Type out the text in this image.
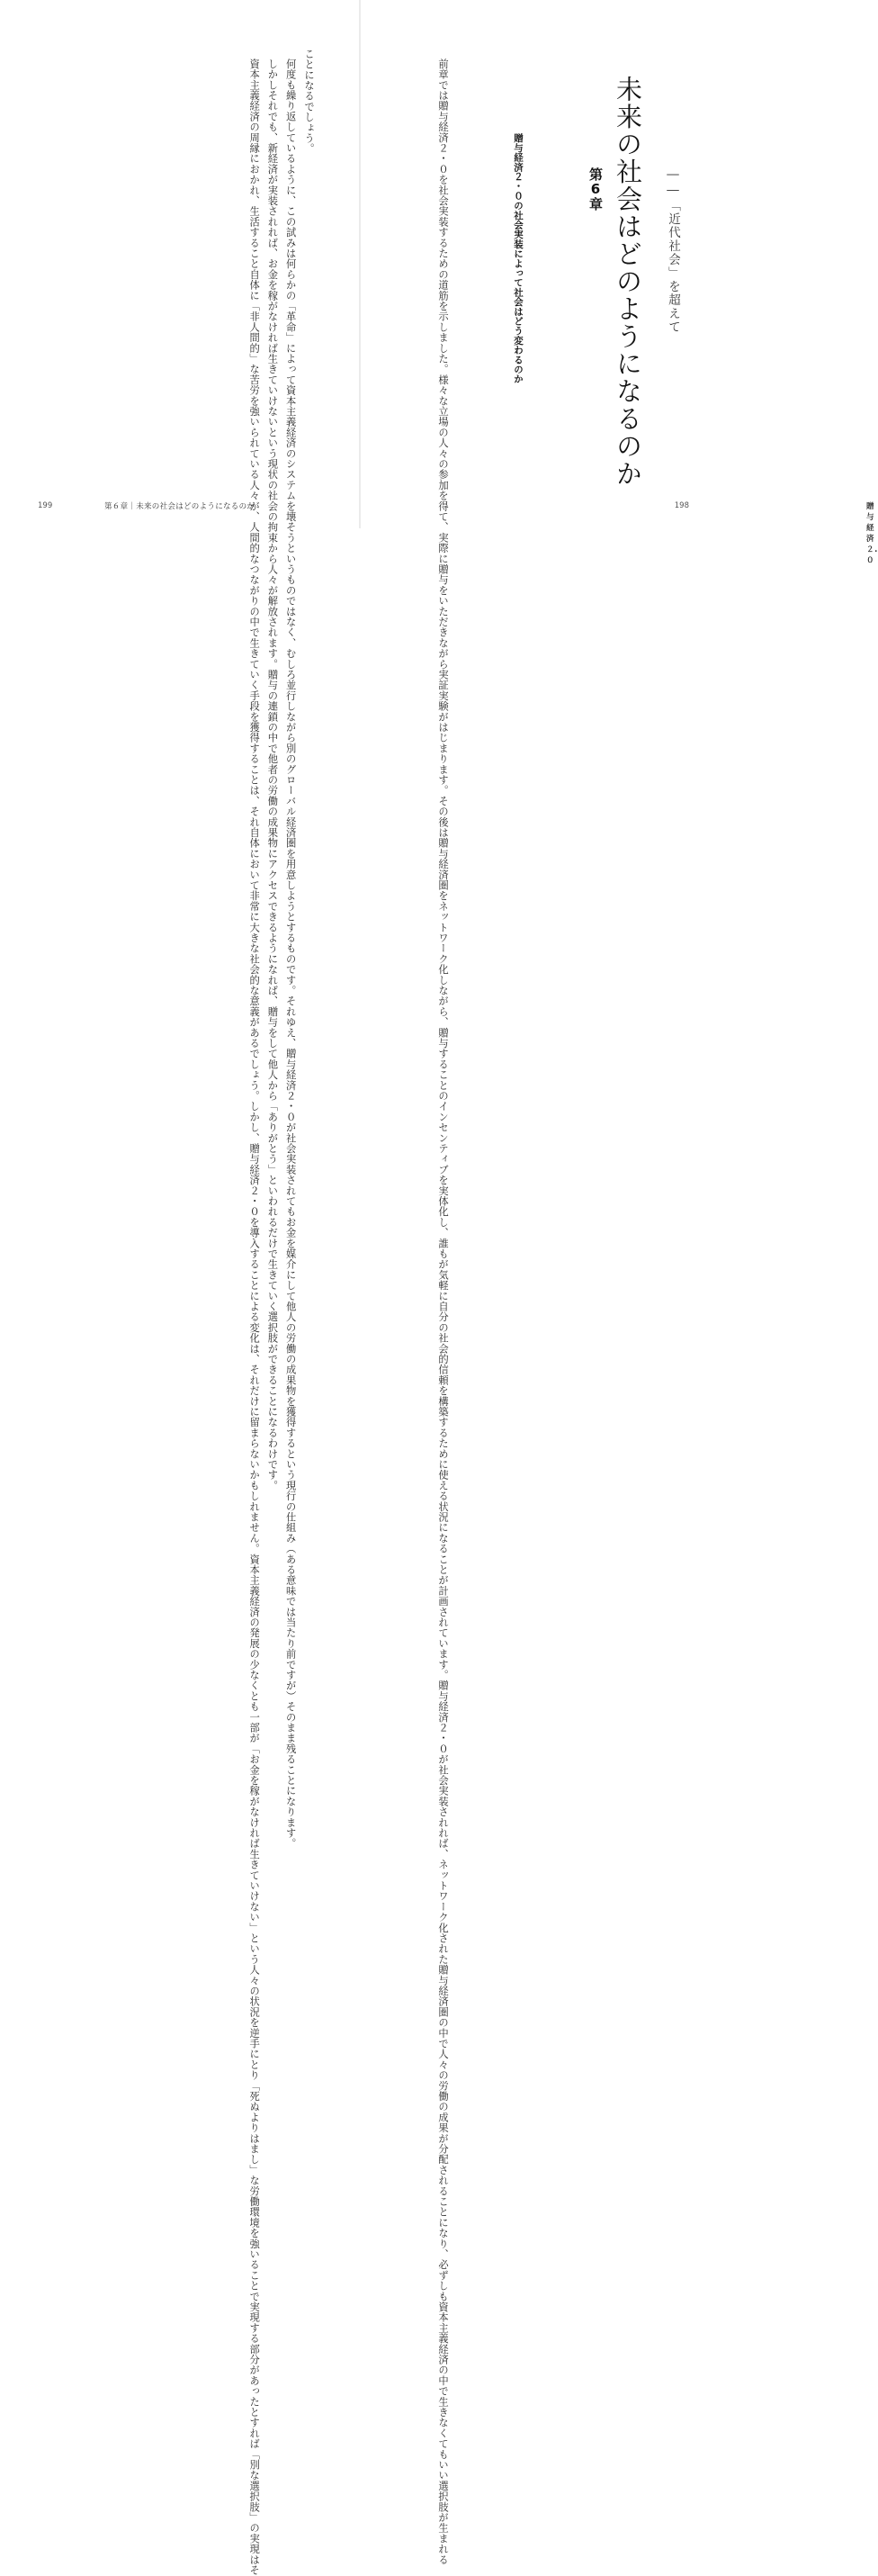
ことになるでしょう。

何度も繰り返しているように、この試みは何らかの「革命」によって資本主義経済のシステムを壊そうというものではなく、むしろ並行しながら別のグローバル経済圏を用意しようとするものです。それゆえ、贈与経済２・０が社会実装されてもお金を媒介にして他人の労働の成果物を獲得するという現行の仕組み（ある意味では当たり前ですが）そのまま残ることになります。

しかしそれでも、新経済が実装されれば、お金を稼がなければ生きていけないという現状の社会の拘束から人々が解放されます。贈与の連鎖の中で他者の労働の成果物にアクセスできるようになれば、贈与をして他人から「ありがとう」といわれるだけで生きていく選択肢ができることになるわけです。

資本主義経済の周縁におかれ、生活すること自体に「非人間的」な苦労を強いられている人々が、人間的なつながりの中で生きていく手段を獲得することは、それ自体において非常に大きな社会的な意義があるでしょう。しかし、贈与経済２・０を導入することによる変化は、それだけに留まらないかもしれません。資本主義経済の発展の少なくとも一部が「お金を稼がなければ生きていけない」という人々の状況を逆手にとり「死ぬよりはまし」な労働環境を強いることで実現する部分があったとすれば「別な選択肢」の実現はそ

199	第６章｜未来の社会はどのようになるのか
未来の社会はどのようになるのか ――「近代社会」を超えて
第6章
贈与経済２・０の社会実装によって社会はどう変わるのか
贈与経済２.０
198

前章では贈与経済２・０を社会実装するための道筋を示しました。様々な立場の人々の参加を得て、実際に贈与をいただきながら実証実験がはじまります。その後は贈与経済圏をネットワーク化しながら、贈与することのインセンティブを実体化し、誰もが気軽に自分の社会的信頼を構築するために使える状況になることが計画されています。贈与経済２・０が社会実装されれば、ネットワーク化された贈与経済圏の中で人々の労働の成果が分配されることになり、必ずしも資本主義経済の中で生きなくてもいい選択肢が生まれる
